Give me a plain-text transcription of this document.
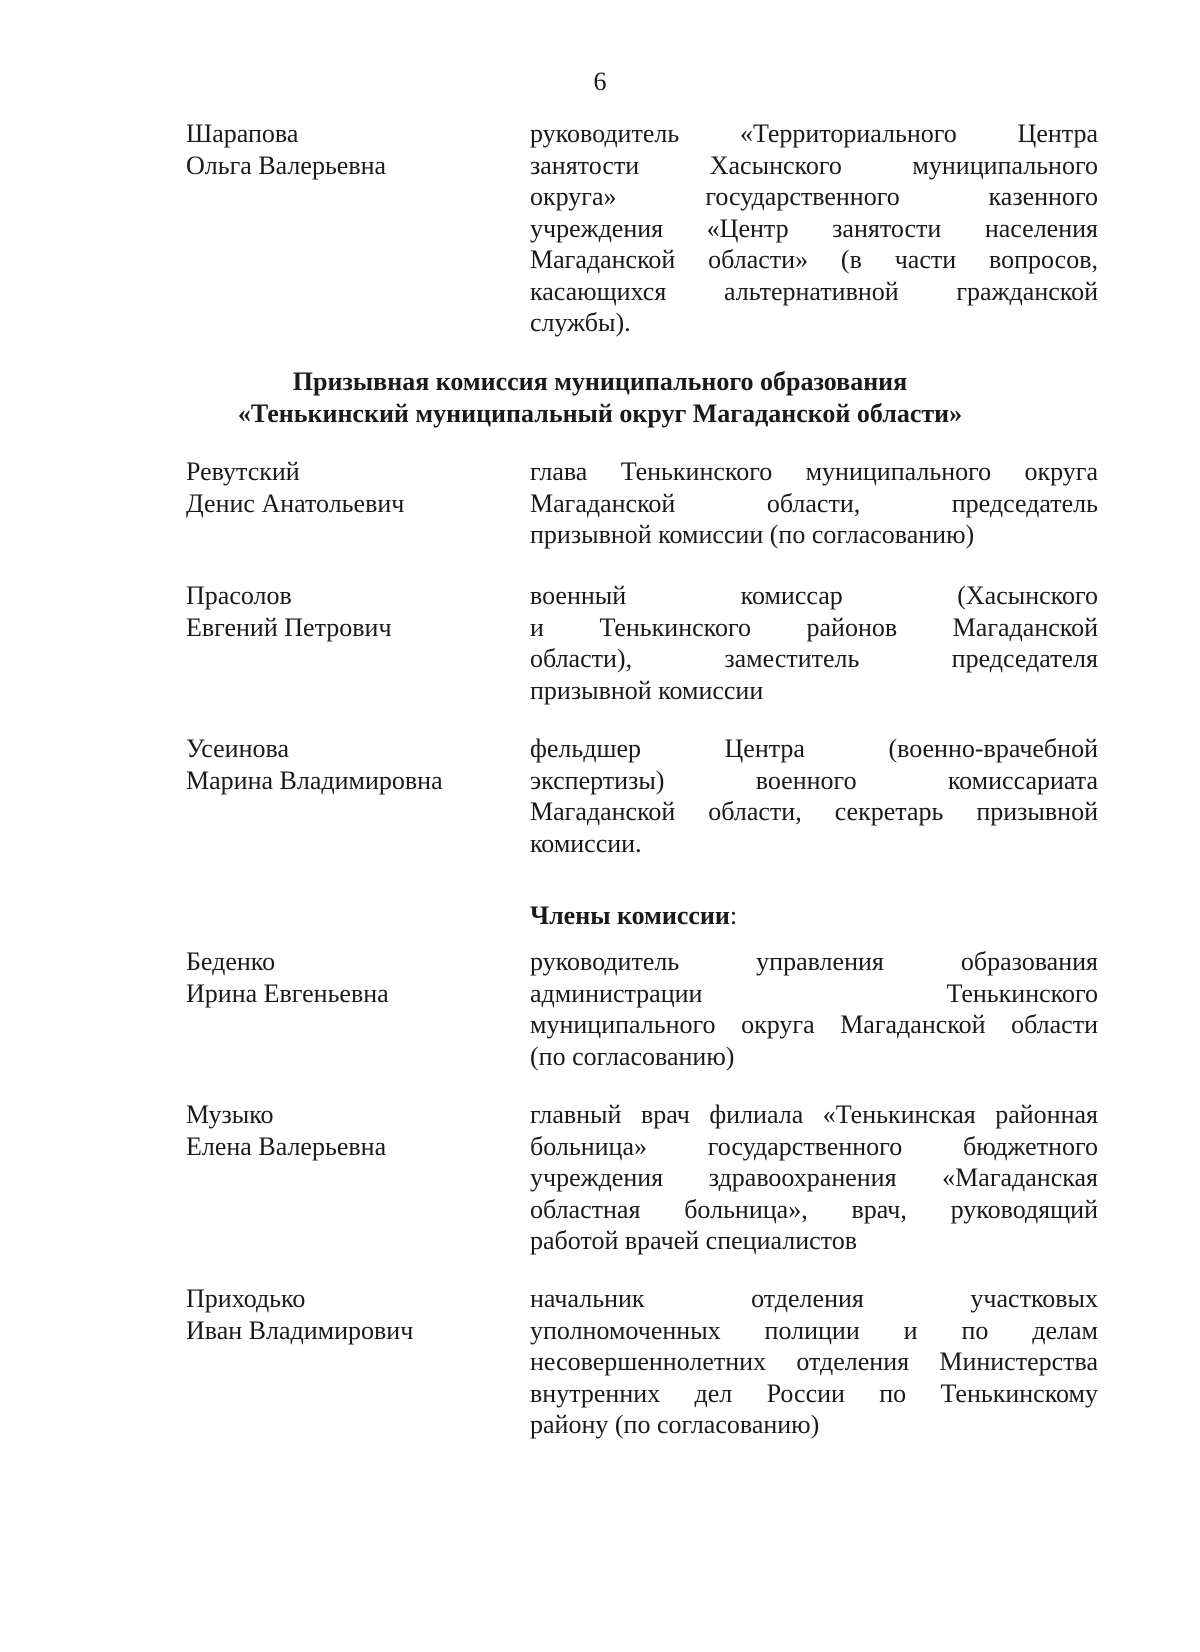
6
Шарапова
Ольга Валерьевна
руководитель «Территориального Центра
занятости Хасынского муниципального
округа» государственного казенного
учреждения «Центр занятости населения
Магаданской области» (в части вопросов,
касающихся альтернативной гражданской
службы).
Призывная комиссия муниципального образования
«Тенькинский муниципальный округ Магаданской области»
Ревутский
Денис Анатольевич
глава Тенькинского муниципального округа
Магаданской области, председатель
призывной комиссии (по согласованию)
Прасолов
Евгений Петрович
военный комиссар (Хасынского
и Тенькинского районов Магаданской
области), заместитель председателя
призывной комиссии
Усеинова
Марина Владимировна
фельдшер Центра (военно-врачебной
экспертизы) военного комиссариата
Магаданской области, секретарь призывной
комиссии.
Члены комиссии:
Беденко
Ирина Евгеньевна
руководитель управления образования
администрации Тенькинского
муниципального округа Магаданской области
(по согласованию)
Музыко
Елена Валерьевна
главный врач филиала «Тенькинская районная
больница» государственного бюджетного
учреждения здравоохранения «Магаданская
областная больница», врач, руководящий
работой врачей специалистов
Приходько
Иван Владимирович
начальник отделения участковых
уполномоченных полиции и по делам
несовершеннолетних отделения Министерства
внутренних дел России по Тенькинскому
району (по согласованию)
